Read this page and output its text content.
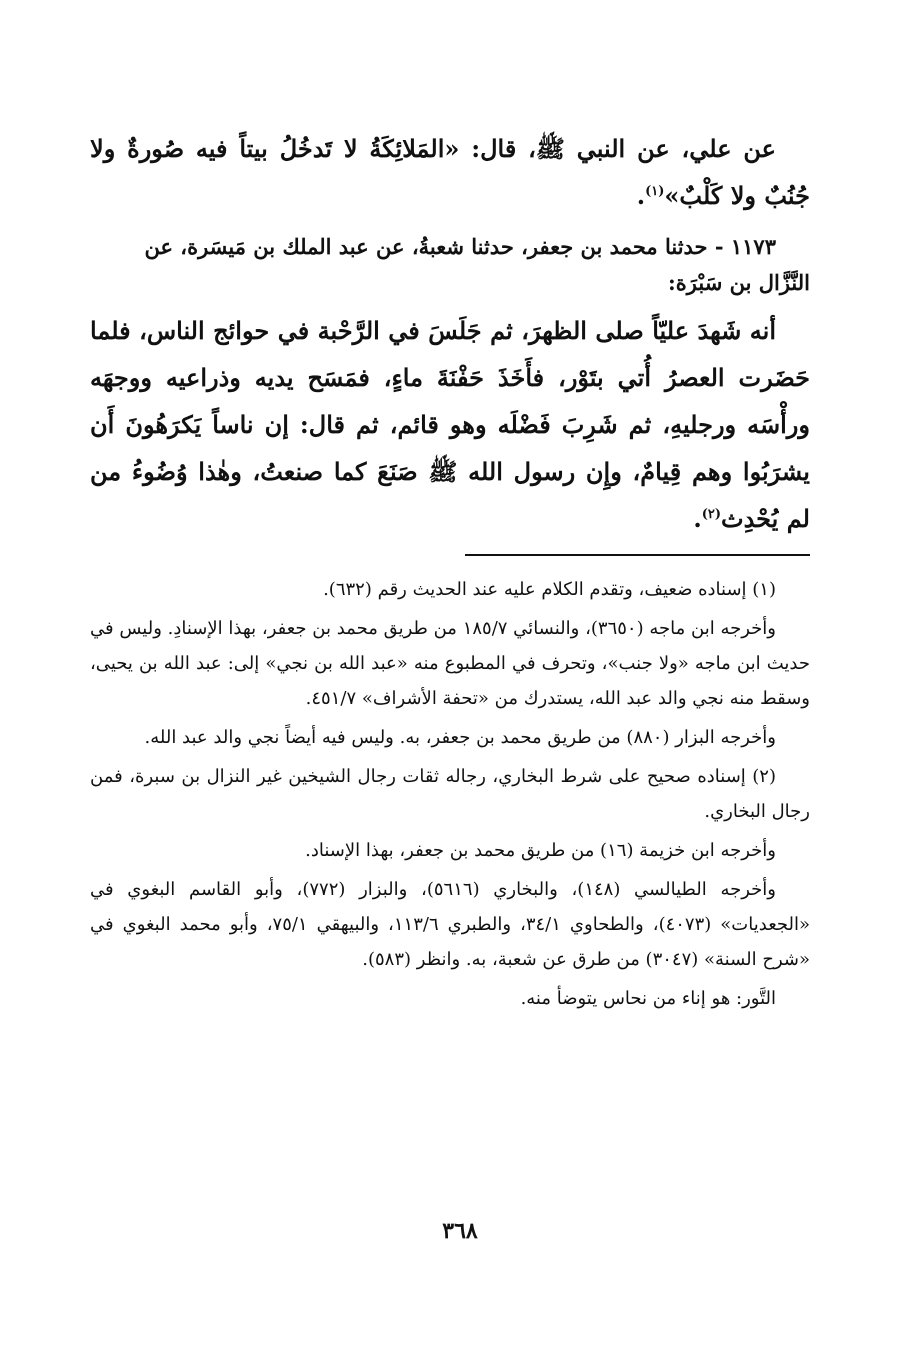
عن علي، عن النبي ﷺ، قال: «المَلائِكَةُ لا تَدخُلُ بيتاً فيه صُورةٌ ولا جُنُبٌ ولا كَلْبٌ»$^{(١)}$.

١١٧٣ - حدثنا محمد بن جعفر، حدثنا شعبةُ، عن عبد الملك بن مَيسَرة، عن النَّزَّال بن سَبْرَة:

أنه شَهدَ عليّاً صلى الظهرَ، ثم جَلَسَ في الرَّحْبة في حوائج الناس، فلما حَضَرت العصرُ أُتي بتَوْر، فأَخَذَ حَفْنَةَ ماءٍ، فمَسَح يديه وذراعيه ووجهَه ورأْسَه ورجليهِ، ثم شَرِبَ فَضْلَه وهو قائم، ثم قال: إن ناساً يَكرَهُونَ أَن يشرَبُوا وهم قِيامٌ، وإِن رسول الله ﷺ صَنَعَ كما صنعتُ، وهٰذا وُضُوءُ من لم يُحْدِث$^{(٢)}$.

(١) إسناده ضعيف، وتقدم الكلام عليه عند الحديث رقم (٦٣٢).

وأخرجه ابن ماجه (٣٦٥٠)، والنسائي ١٨٥/٧ من طريق محمد بن جعفر، بهذا الإسنادِ. وليس في حديث ابن ماجه «ولا جنب»، وتحرف في المطبوع منه «عبد الله بن نجي» إلى: عبد الله بن يحيى، وسقط منه نجي والد عبد الله، يستدرك من «تحفة الأشراف» ٤٥١/٧.

وأخرجه البزار (٨٨٠) من طريق محمد بن جعفر، به. وليس فيه أيضاً نجي والد عبد الله.

(٢) إسناده صحيح على شرط البخاري، رجاله ثقات رجال الشيخين غير النزال بن سبرة، فمن رجال البخاري.

وأخرجه ابن خزيمة (١٦) من طريق محمد بن جعفر، بهذا الإسناد.

وأخرجه الطيالسي (١٤٨)، والبخاري (٥٦١٦)، والبزار (٧٧٢)، وأبو القاسم البغوي في «الجعديات» (٤٠٧٣)، والطحاوي ٣٤/١، والطبري ١١٣/٦، والبيهقي ٧٥/١، وأبو محمد البغوي في «شرح السنة» (٣٠٤٧) من طرق عن شعبة، به. وانظر (٥٨٣).

التَّور: هو إناء من نحاس يتوضأ منه.

٣٦٨
